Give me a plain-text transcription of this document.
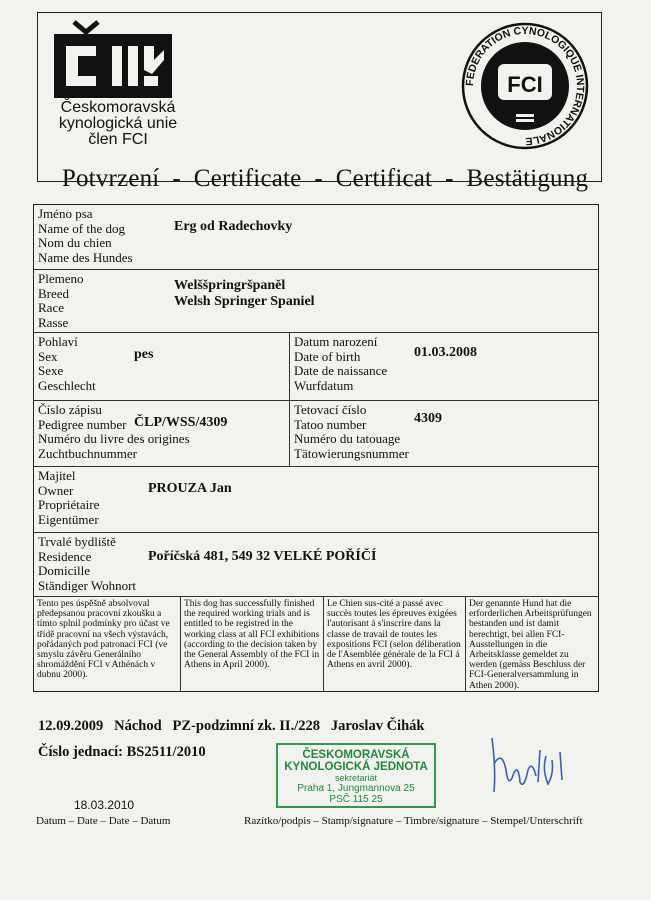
Českomoravská
kynologická unie
člen FCI
FEDERATION CYNOLOGIQUE INTERNATIONALE
FCI
Potvrzení  -  Certificate  -  Certificat  -  Bestätigung
Jméno psa
Name of the dog
Nom du chien
Name des Hundes
Erg od Radechovky
Plemeno
Breed
Race
Rasse
Welššpringršpaněl
Welsh Springer Spaniel
Pohlaví
Sex
Sexe
Geschlecht
pes
Datum narození
Date of birth
Date de naissance
Wurfdatum
01.03.2008
Číslo zápisu
Pedigree number
Numéro du livre des origines
Zuchtbuchnummer
ČLP/WSS/4309
Tetovací číslo
Tatoo number
Numéro du tatouage
Tätowierungsnummer
4309
Majitel
Owner
Propriétaire
Eigentümer
PROUZA Jan
Trvalé bydliště
Residence
Domicille
Ständiger Wohnort
Poříčská 481, 549 32 VELKÉ POŘÍČÍ
Tento pes úspěšně absolvoval předepsanou pracovní zkoušku a tímto splnil podmínky pro účast ve třídě pracovní na všech výstavách, pořádaných pod patronací FCI (ve smyslu závěru Generálního shromáždění FCI v Athénách v dubnu 2000).
This dog has successfully finished the required working trials and is entitled to be registred in the working class at all FCI exhibitions (according to the decision taken by the General Assembly of the FCI in Athens in April 2000).
Le Chien sus-cité a passé avec succès toutes les épreuves exigées l'autorisant á s'inscrire dans la classe de travail de toutes les expositions FCI (selon déliberation de l'Asemblée générale de la FCI á Athens en avril 2000).
Der genannte Hund hat die erforderlichen Arbeitsprüfungen bestanden und ist damit berechtigt, bei allen FCI-Ausstellungen in die Arbeitsklasse gemeldet zu werden (gemäss Beschluss der FCI-Generalversammlung in Athen 2000).
12.09.2009   Náchod   PZ-podzimní zk. II./228   Jaroslav Čihák
Číslo jednací: BS2511/2010	ČESKOMORAVSKÁ
KYNOLOGICKÁ JEDNOTA
sekretariát
Praha 1, Jungmannova 25
PSČ 115 25
18.03.2010
Datum – Date – Date – Datum	Razítko/podpis – Stamp/signature – Timbre/signature – Stempel/Unterschrift
